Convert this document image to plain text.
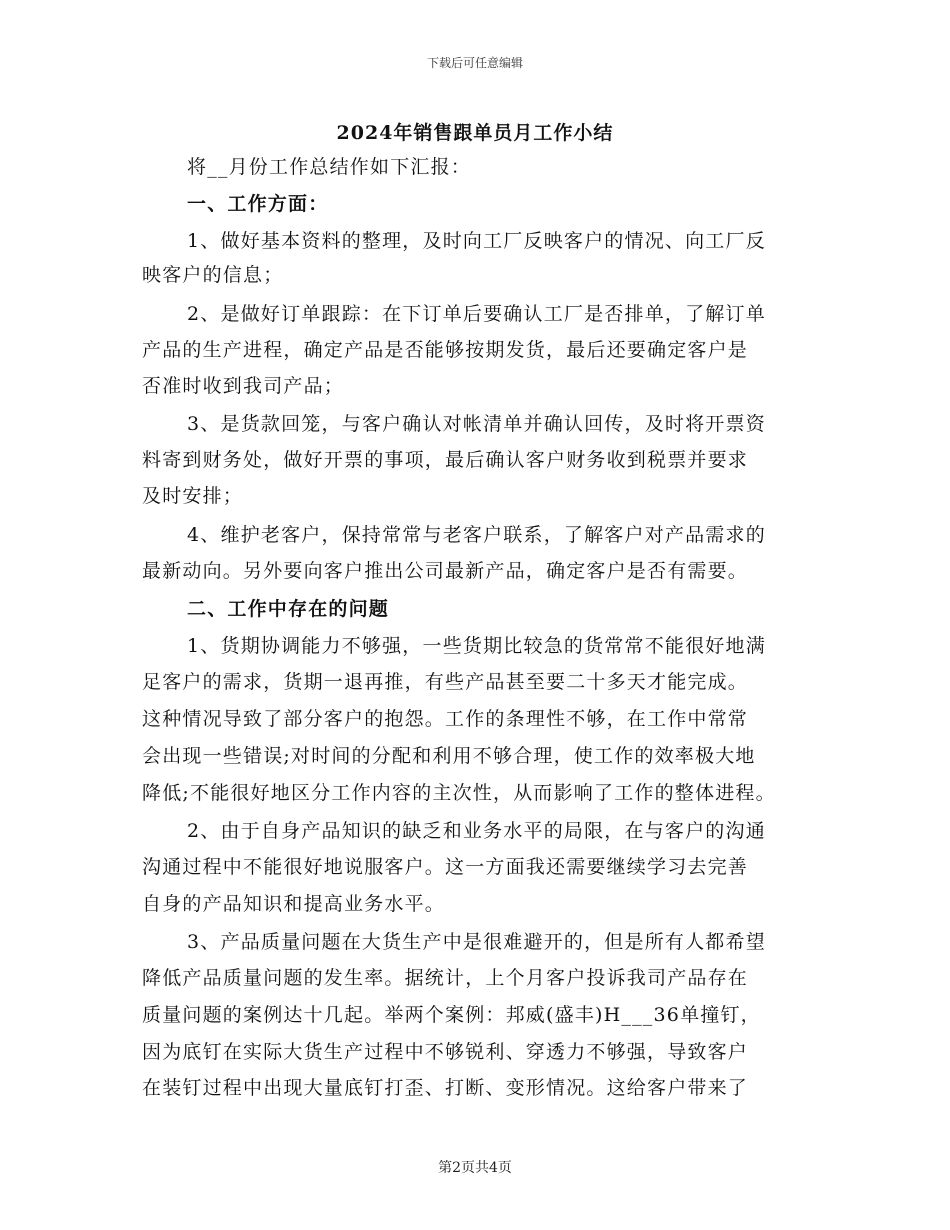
下载后可任意编辑
2024年销售跟单员月工作小结
将__月份工作总结作如下汇报：
一、工作方面：
1、做好基本资料的整理，及时向工厂反映客户的情况、向工厂反
映客户的信息；
2、是做好订单跟踪：在下订单后要确认工厂是否排单，了解订单
产品的生产进程，确定产品是否能够按期发货，最后还要确定客户是
否准时收到我司产品；
3、是货款回笼，与客户确认对帐清单并确认回传，及时将开票资
料寄到财务处，做好开票的事项，最后确认客户财务收到税票并要求
及时安排；
4、维护老客户，保持常常与老客户联系，了解客户对产品需求的
最新动向。另外要向客户推出公司最新产品，确定客户是否有需要。
二、工作中存在的问题
1、货期协调能力不够强，一些货期比较急的货常常不能很好地满
足客户的需求，货期一退再推，有些产品甚至要二十多天才能完成。
这种情况导致了部分客户的抱怨。工作的条理性不够，在工作中常常
会出现一些错误;对时间的分配和利用不够合理，使工作的效率极大地
降低;不能很好地区分工作内容的主次性，从而影响了工作的整体进程。
2、由于自身产品知识的缺乏和业务水平的局限，在与客户的沟通
沟通过程中不能很好地说服客户。这一方面我还需要继续学习去完善
自身的产品知识和提高业务水平。
3、产品质量问题在大货生产中是很难避开的，但是所有人都希望
降低产品质量问题的发生率。据统计，上个月客户投诉我司产品存在
质量问题的案例达十几起。举两个案例：邦威(盛丰)H___36单撞钉，
因为底钉在实际大货生产过程中不够锐利、穿透力不够强，导致客户
在装钉过程中出现大量底钉打歪、打断、变形情况。这给客户带来了
第2页共4页
